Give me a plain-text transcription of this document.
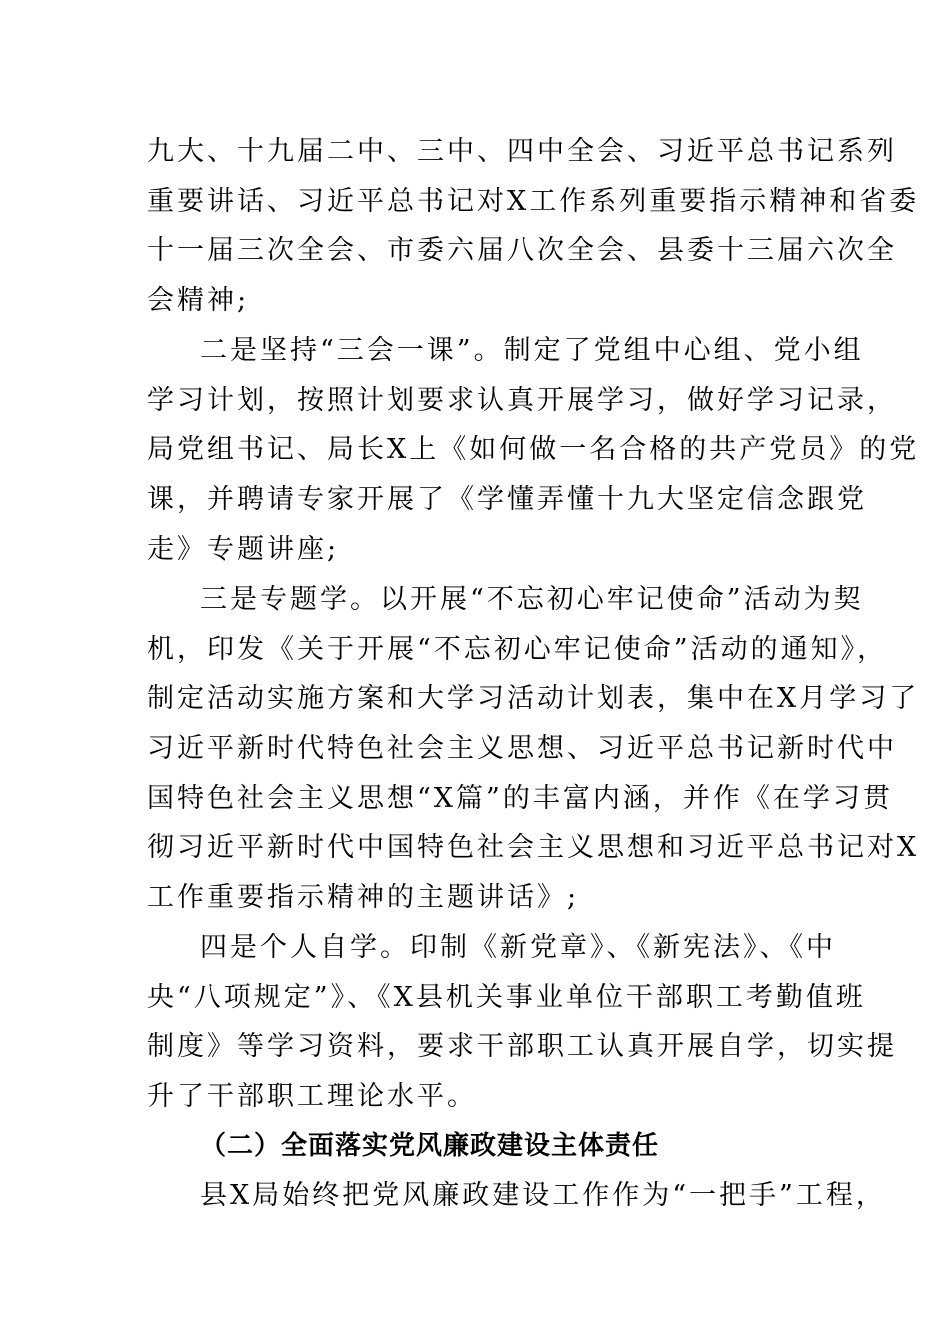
九大、十九届二中、三中、四中全会、习近平总书记系列
重要讲话、习近平总书记对X工作系列重要指示精神和省委
十一届三次全会、市委六届八次全会、县委十三届六次全
会精神;
二是坚持“三会一课”。制定了党组中心组、党小组
学习计划，按照计划要求认真开展学习，做好学习记录，
局党组书记、局长X上《如何做一名合格的共产党员》的党
课，并聘请专家开展了《学懂弄懂十九大坚定信念跟党
走》专题讲座;
三是专题学。以开展“不忘初心牢记使命”活动为契
机，印发《关于开展“不忘初心牢记使命”活动的通知》，
制定活动实施方案和大学习活动计划表，集中在X月学习了
习近平新时代特色社会主义思想、习近平总书记新时代中
国特色社会主义思想“X篇”的丰富内涵，并作《在学习贯
彻习近平新时代中国特色社会主义思想和习近平总书记对X
工作重要指示精神的主题讲话》;
四是个人自学。印制《新党章》、《新宪法》、《中
央“八项规定”》、《X县机关事业单位干部职工考勤值班
制度》等学习资料，要求干部职工认真开展自学，切实提
升了干部职工理论水平。
（二）全面落实党风廉政建设主体责任
县X局始终把党风廉政建设工作作为“一把手”工程，
